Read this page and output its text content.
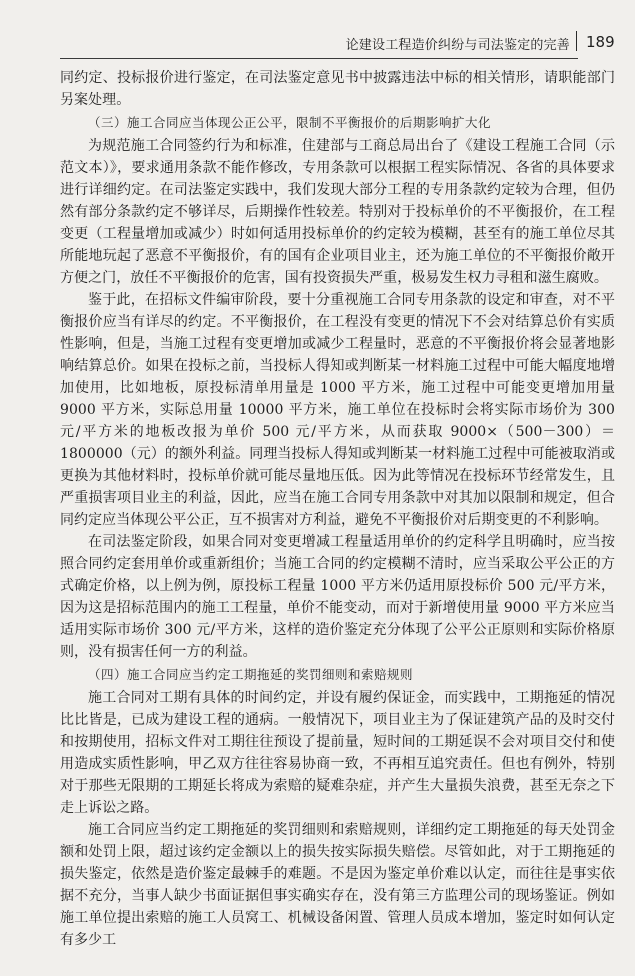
论建设工程造价纠纷与司法鉴定的完善 189

同约定、投标报价进行鉴定，在司法鉴定意见书中披露违法中标的相关情形，请职能部门另案处理。

（三）施工合同应当体现公正公平，限制不平衡报价的后期影响扩大化

为规范施工合同签约行为和标准，住建部与工商总局出台了《建设工程施工合同（示范文本）》，要求通用条款不能作修改，专用条款可以根据工程实际情况、各省的具体要求进行详细约定。在司法鉴定实践中，我们发现大部分工程的专用条款约定较为合理，但仍然有部分条款约定不够详尽，后期操作性较差。特别对于投标单价的不平衡报价，在工程变更（工程量增加或减少）时如何适用投标单价的约定较为模糊，甚至有的施工单位尽其所能地玩起了恶意不平衡报价，有的国有企业项目业主，还为施工单位的不平衡报价敞开方便之门，放任不平衡报价的危害，国有投资损失严重，极易发生权力寻租和滋生腐败。

鉴于此，在招标文件编审阶段，要十分重视施工合同专用条款的设定和审查，对不平衡报价应当有详尽的约定。不平衡报价，在工程没有变更的情况下不会对结算总价有实质性影响，但是，当施工过程有变更增加或减少工程量时，恶意的不平衡报价将会显著地影响结算总价。如果在投标之前，当投标人得知或判断某一材料施工过程中可能大幅度地增加使用，比如地板，原投标清单用量是 1000 平方米，施工过程中可能变更增加用量 9000 平方米，实际总用量 10000 平方米，施工单位在投标时会将实际市场价为 300 元/平方米的地板改报为单价 500 元/平方米，从而获取 9000×（500－300）＝1800000（元）的额外利益。同理当投标人得知或判断某一材料施工过程中可能被取消或更换为其他材料时，投标单价就可能尽量地压低。因为此等情况在投标环节经常发生，且严重损害项目业主的利益，因此，应当在施工合同专用条款中对其加以限制和规定，但合同约定应当体现公平公正，互不损害对方利益，避免不平衡报价对后期变更的不利影响。

在司法鉴定阶段，如果合同对变更增减工程量适用单价的约定科学且明确时，应当按照合同约定套用单价或重新组价；当施工合同的约定模糊不清时，应当采取公平公正的方式确定价格，以上例为例，原投标工程量 1000 平方米仍适用原投标价 500 元/平方米，因为这是招标范围内的施工工程量，单价不能变动，而对于新增使用量 9000 平方米应当适用实际市场价 300 元/平方米，这样的造价鉴定充分体现了公平公正原则和实际价格原则，没有损害任何一方的利益。

（四）施工合同应当约定工期拖延的奖罚细则和索赔规则

施工合同对工期有具体的时间约定，并设有履约保证金，而实践中，工期拖延的情况比比皆是，已成为建设工程的通病。一般情况下，项目业主为了保证建筑产品的及时交付和按期使用，招标文件对工期往往预设了提前量，短时间的工期延误不会对项目交付和使用造成实质性影响，甲乙双方往往容易协商一致，不再相互追究责任。但也有例外，特别对于那些无限期的工期延长将成为索赔的疑难杂症，并产生大量损失浪费，甚至无奈之下走上诉讼之路。

施工合同应当约定工期拖延的奖罚细则和索赔规则，详细约定工期拖延的每天处罚金额和处罚上限，超过该约定金额以上的损失按实际损失赔偿。尽管如此，对于工期拖延的损失鉴定，依然是造价鉴定最棘手的难题。不是因为鉴定单价难以认定，而往往是事实依据不充分，当事人缺少书面证据但事实确实存在，没有第三方监理公司的现场鉴证。例如施工单位提出索赔的施工人员窝工、机械设备闲置、管理人员成本增加，鉴定时如何认定有多少工
